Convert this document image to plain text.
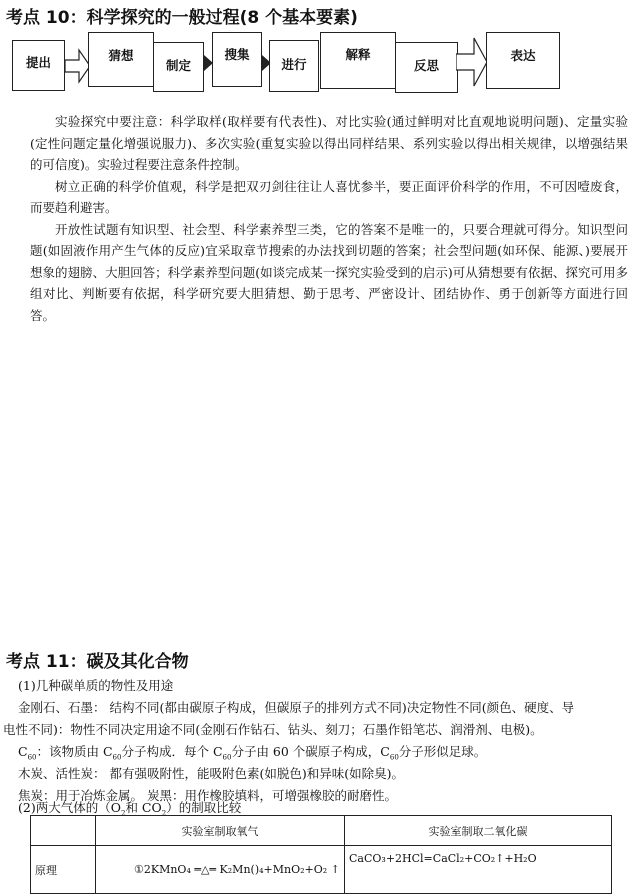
考点 10：科学探究的一般过程(8 个基本要素)
提出	猜想
制定
搜集
进行
解释
反思
表达

实验探究中要注意：科学取样(取样要有代表性)、对比实验(通过鲜明对比直观地说明问题)、定量实验(定性问题定量化增强说服力)、多次实验(重复实验以得出同样结果、系列实验以得出相关规律，以增强结果的可信度)。实验过程要注意条件控制。

树立正确的科学价值观，科学是把双刃剑往往让人喜忧参半，要正面评价科学的作用，不可因噎废食，而要趋利避害。

开放性试题有知识型、社会型、科学素养型三类，它的答案不是唯一的，只要合理就可得分。知识型问题(如固液作用产生气体的反应)宜采取章节搜索的办法找到切题的答案；社会型问题(如环保、能源、)要展开想象的翅膀、大胆回答；科学素养型问题(如谈完成某一探究实验受到的启示)可从猜想要有依据、探究可用多组对比、判断要有依据，科学研究要大胆猜想、勤于思考、严密设计、团结协作、勇于创新等方面进行回答。

考点 11：碳及其化合物
(1)几种碳单质的物性及用途
金刚石、石墨： 结构不同(都由碳原子构成，但碳原子的排列方式不同)决定物性不同(颜色、硬度、导
电性不同)：物性不同决定用途不同(金刚石作钻石、钻头、刻刀；石墨作铅笔芯、润滑剂、电极)。
$C_{60}$：该物质由 $C_{60}$分子构成．每个 $C_{60}$分子由 60 个碳原子构成，$C_{60}$分子形似足球。
木炭、活性炭： 都有强吸附性，能吸附色素(如脱色)和异味(如除臭)。
焦炭：用于冶炼金属。 炭黑：用作橡胶填料，可增强橡胶的耐磨性。
(2)两大气体的（$O_2$和 $CO_2$）的制取比较
	实验室制取氧气	实验室制取二氧化碳
原理	①2KMnO₄ ═△═ K₂Mn()₄+MnO₂+O₂ ↑	CaCO₃+2HCl=CaCl₂+CO₂↑+H₂O
